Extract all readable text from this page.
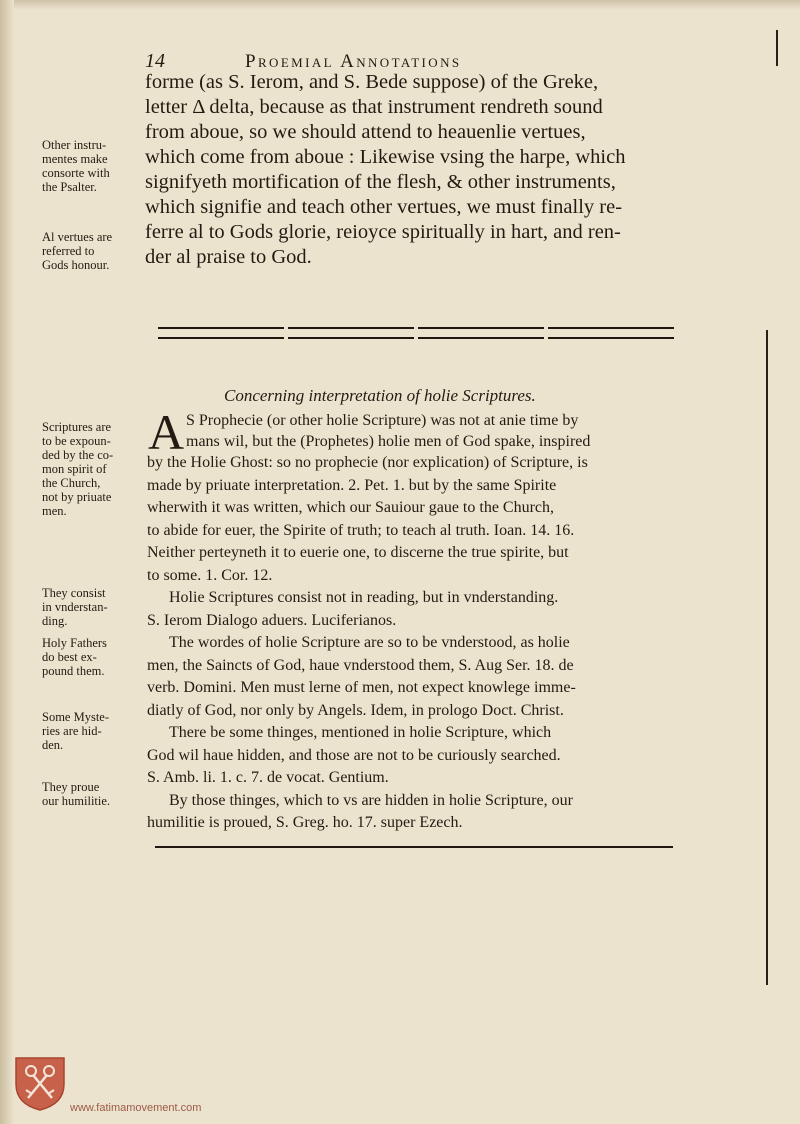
14	Proemial Annotations
forme (as S. Ierom, and S. Bede suppose) of the Greke,
letter Δ delta, because as that instrument rendreth sound
from aboue, so we should attend to heauenlie vertues,
which come from aboue : Likewise vsing the harpe, which
signifyeth mortification of the flesh, & other instruments,
which signifie and teach other vertues, we must finally re-
ferre al to Gods glorie, reioyce spiritually in hart, and ren-
der al praise to God.
Other instru-
mentes make
consorte with
the Psalter.
Al vertues are
referred to
Gods honour.
Concerning interpretation of holie Scriptures.
A S Prophecie (or other holie Scripture) was not at anie time by
mans wil, but the (Prophetes) holie men of God spake, inspired
by the Holie Ghost: so no prophecie (nor explication) of Scripture, is
made by priuate interpretation. 2. Pet. 1. but by the same Spirite
wherwith it was written, which our Sauiour gaue to the Church,
to abide for euer, the Spirite of truth; to teach al truth. Ioan. 14. 16.
Neither perteyneth it to euerie one, to discerne the true spirite, but
to some. 1. Cor. 12.
Holie Scriptures consist not in reading, but in vnderstanding.
S. Ierom Dialogo aduers. Luciferianos.
The wordes of holie Scripture are so to be vnderstood, as holie
men, the Saincts of God, haue vnderstood them, S. Aug Ser. 18. de
verb. Domini. Men must lerne of men, not expect knowlege imme-
diatly of God, nor only by Angels. Idem, in prologo Doct. Christ.
There be some thinges, mentioned in holie Scripture, which
God wil haue hidden, and those are not to be curiously searched.
S. Amb. li. 1. c. 7. de vocat. Gentium.
By those thinges, which to vs are hidden in holie Scripture, our
humilitie is proued, S. Greg. ho. 17. super Ezech.
Scriptures are
to be expoun-
ded by the co-
mon spirit of
the Church,
not by priuate
men.
They consist
in vnderstan-
ding.
Holy Fathers
do best ex-
pound them.
Some Myste-
ries are hid-
den.
They proue
our humilitie.
www.fatimamovement.com
